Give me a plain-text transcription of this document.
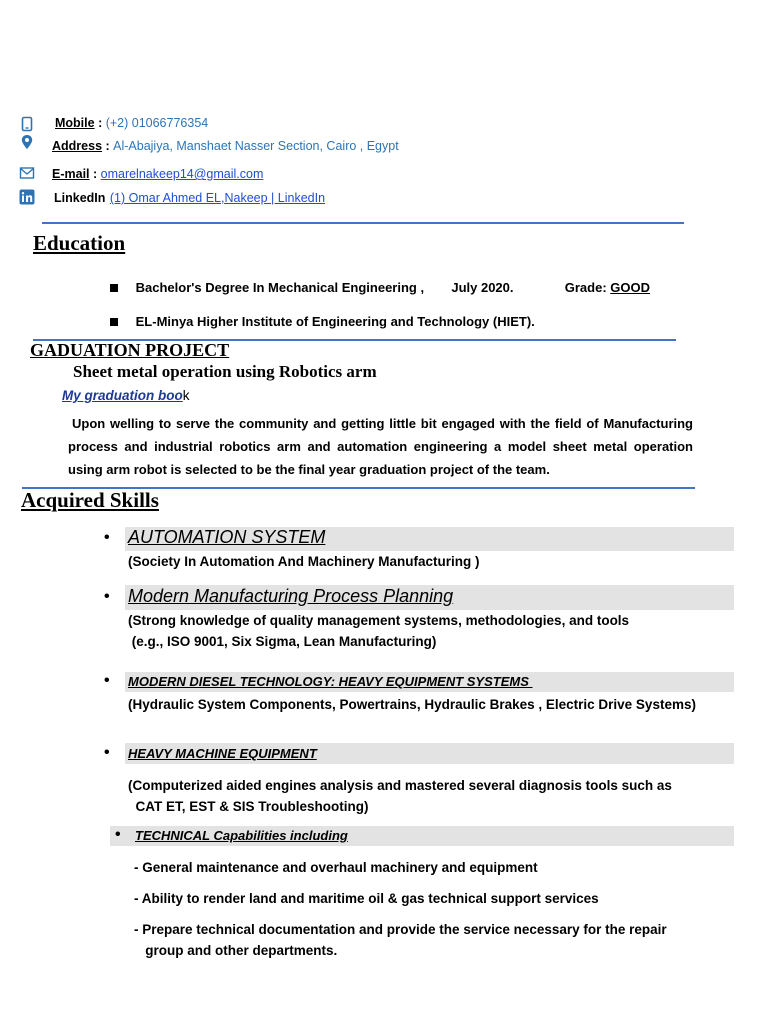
Mobile : (+2) 01066776354
Address : Al-Abajiya, Manshaet Nasser Section, Cairo , Egypt
E-mail : omarelnakeep14@gmail.com
LinkedIn (1) Omar Ahmed EL,Nakeep | LinkedIn
Education
Bachelor's Degree In Mechanical Engineering , July 2020.	Grade: GOOD
EL-Minya Higher Institute of Engineering and Technology (HIET).
GADUATION PROJECT
Sheet metal operation using Robotics arm
My graduation book
Upon welling to serve the community and getting little bit engaged with the field of Manufacturing process and industrial robotics arm and automation engineering a model sheet metal operation using arm robot is selected to be the final year graduation project of the team.
Acquired Skills
• AUTOMATION SYSTEM
(Society In Automation And Machinery Manufacturing )
• Modern Manufacturing Process Planning
(Strong knowledge of quality management systems, methodologies, and tools
(e.g., ISO 9001, Six Sigma, Lean Manufacturing)
• MODERN DIESEL TECHNOLOGY: HEAVY EQUIPMENT SYSTEMS
(Hydraulic System Components, Powertrains, Hydraulic Brakes , Electric Drive Systems)
• HEAVY MACHINE EQUIPMENT
(Computerized aided engines analysis and mastered several diagnosis tools such as
CAT ET, EST & SIS Troubleshooting)
• TECHNICAL Capabilities including
- General maintenance and overhaul machinery and equipment
- Ability to render land and maritime oil & gas technical support services
- Prepare technical documentation and provide the service necessary for the repair
group and other departments.
